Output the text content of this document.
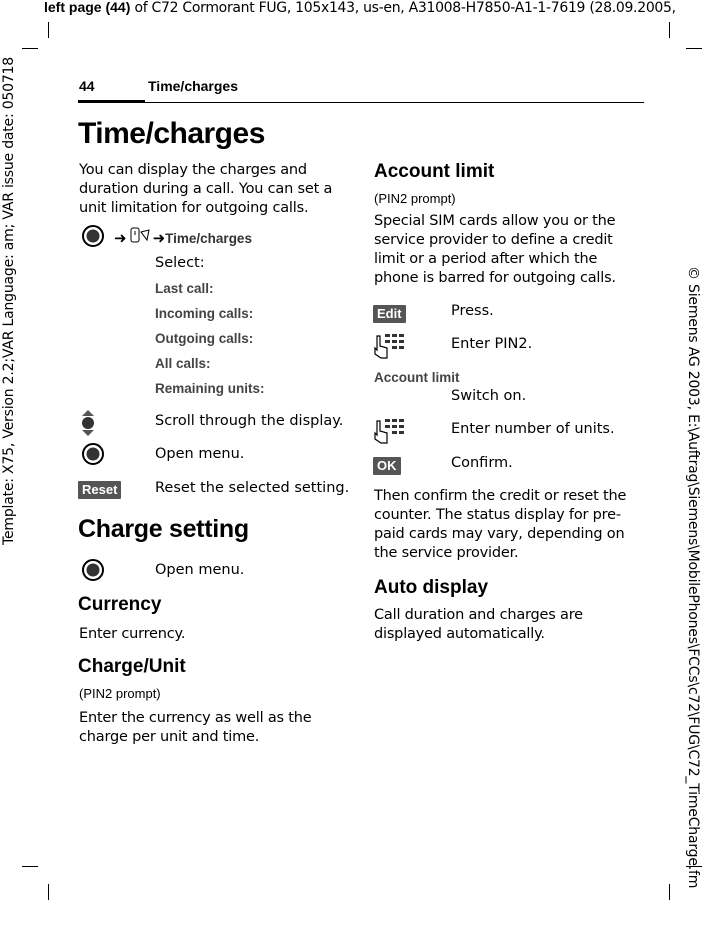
left page (44) of C72 Cormorant FUG, 105x143, us-en, A31008-H7850-A1-1-7619 (28.09.2005,
Template: X75, Version 2.2;VAR Language: am; VAR issue date: 050718	© Siemens AG 2003, E:\Auftrag\Siemens\MobilePhones\FCCs\c72\FUG\C72_TimeCharge.fm
44	Time/charges
Time/charges
You can display the charges and duration during a call. You can set a unit limitation for outgoing calls.
➜ ➜ Time/charges
Select:
Last call:
Incoming calls:
Outgoing calls:
All calls:
Remaining units:
Scroll through the display.
Open menu.
Reset	Reset the selected setting.
Charge setting
Open menu.
Currency
Enter currency.
Charge/Unit
(PIN2 prompt)
Enter the currency as well as the charge per unit and time.
Account limit
(PIN2 prompt)
Special SIM cards allow you or the service provider to define a credit limit or a period after which the phone is barred for outgoing calls.
Edit	Press.
Enter PIN2.
Account limit
Switch on.
Enter number of units.
OK	Confirm.
Then confirm the credit or reset the counter. The status display for pre-paid cards may vary, depending on the service provider.
Auto display
Call duration and charges are displayed automatically.
